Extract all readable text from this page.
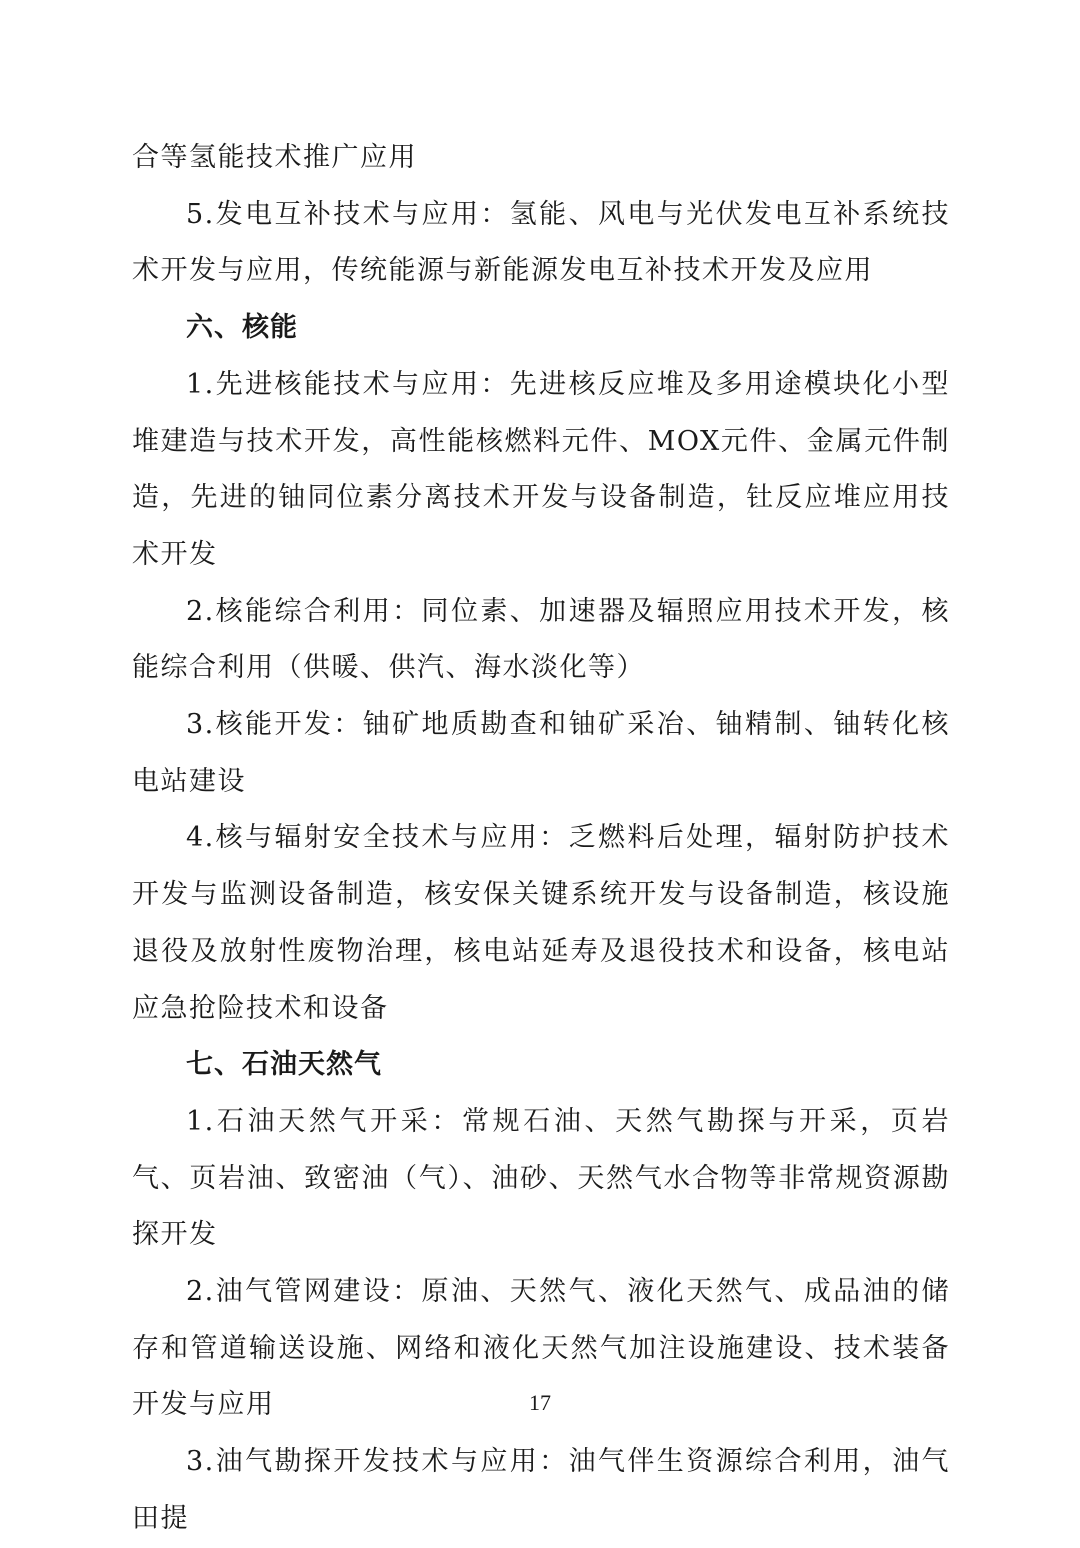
合等氢能技术推广应用

5.发电互补技术与应用：氢能、风电与光伏发电互补系统技术开发与应用，传统能源与新能源发电互补技术开发及应用

六、核能

1.先进核能技术与应用：先进核反应堆及多用途模块化小型堆建造与技术开发，高性能核燃料元件、MOX元件、金属元件制造，先进的铀同位素分离技术开发与设备制造，钍反应堆应用技术开发

2.核能综合利用：同位素、加速器及辐照应用技术开发，核能综合利用（供暖、供汽、海水淡化等）

3.核能开发：铀矿地质勘查和铀矿采冶、铀精制、铀转化核电站建设

4.核与辐射安全技术与应用：乏燃料后处理，辐射防护技术开发与监测设备制造，核安保关键系统开发与设备制造，核设施退役及放射性废物治理，核电站延寿及退役技术和设备，核电站应急抢险技术和设备

七、石油天然气

1.石油天然气开采：常规石油、天然气勘探与开采，页岩气、页岩油、致密油（气）、油砂、天然气水合物等非常规资源勘探开发

2.油气管网建设：原油、天然气、液化天然气、成品油的储存和管道输送设施、网络和液化天然气加注设施建设、技术装备开发与应用

3.油气勘探开发技术与应用：油气伴生资源综合利用，油气田提

17
